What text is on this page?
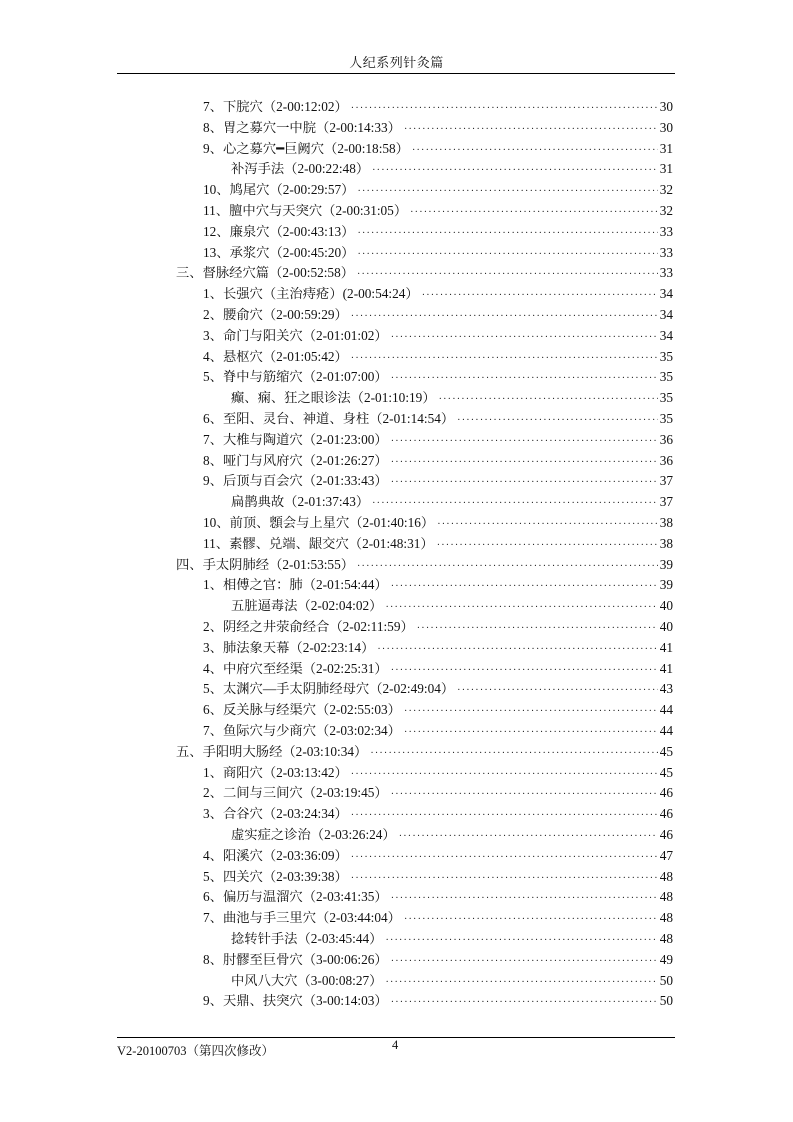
人纪系列针灸篇
7、下脘穴（2-00:12:02） ·····	30
8、胃之募穴一中脘（2-00:14:33） ·····	30
9、心之募穴━巨阙穴（2-00:18:58） ·····	31
补泻手法（2-00:22:48） ·····	31
10、鸠尾穴（2-00:29:57） ·····	32
11、膻中穴与天突穴（2-00:31:05） ·····	32
12、廉泉穴（2-00:43:13） ·····	33
13、承浆穴（2-00:45:20） ·····	33
三、督脉经穴篇（2-00:52:58） ·····	33
1、长强穴（主治痔疮）(2-00:54:24） ·····	34
2、腰俞穴（2-00:59:29） ·····	34
3、命门与阳关穴（2-01:01:02） ·····	34
4、悬枢穴（2-01:05:42） ·····	35
5、脊中与筋缩穴（2-01:07:00） ·····	35
癫、痫、狂之眼诊法（2-01:10:19） ·····	35
6、至阳、灵台、神道、身柱（2-01:14:54） ·····	35
7、大椎与陶道穴（2-01:23:00） ·····	36
8、哑门与风府穴（2-01:26:27） ·····	36
9、后顶与百会穴（2-01:33:43） ·····	37
扁鹊典故（2-01:37:43） ·····	37
10、前顶、顖会与上星穴（2-01:40:16） ·····	38
11、素髎、兑端、龈交穴（2-01:48:31） ·····	38
四、手太阴肺经（2-01:53:55） ·····	39
1、相傅之官：肺（2-01:54:44） ·····	39
五脏逼毒法（2-02:04:02） ·····	40
2、阴经之井荥俞经合（2-02:11:59） ·····	40
3、肺法象天幕（2-02:23:14） ·····	41
4、中府穴至经渠（2-02:25:31） ·····	41
5、太渊穴—手太阴肺经母穴（2-02:49:04） ·····	43
6、反关脉与经渠穴（2-02:55:03） ·····	44
7、鱼际穴与少商穴（2-03:02:34） ·····	44
五、手阳明大肠经（2-03:10:34） ·····	45
1、商阳穴（2-03:13:42） ·····	45
2、二间与三间穴（2-03:19:45） ·····	46
3、合谷穴（2-03:24:34） ·····	46
虚实症之诊治（2-03:26:24） ·····	46
4、阳溪穴（2-03:36:09） ·····	47
5、四关穴（2-03:39:38） ·····	48
6、偏历与温溜穴（2-03:41:35） ·····	48
7、曲池与手三里穴（2-03:44:04） ·····	48
捻转针手法（2-03:45:44） ·····	48
8、肘髎至巨骨穴（3-00:06:26） ·····	49
中风八大穴（3-00:08:27） ·····	50
9、天鼎、扶突穴（3-00:14:03） ·····	50
V2-20100703（第四次修改）	4
